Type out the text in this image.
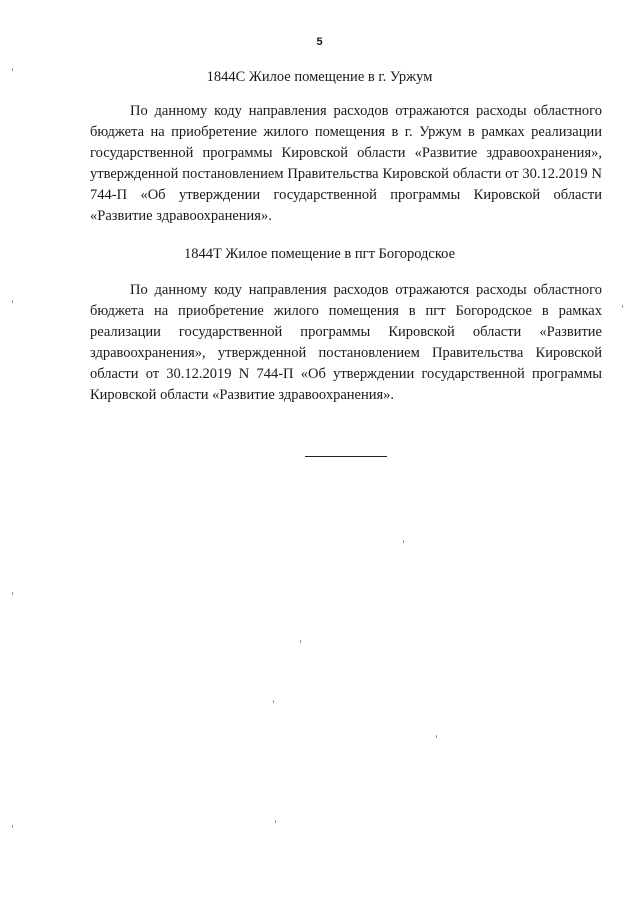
5
1844С Жилое помещение в г. Уржум

По данному коду направления расходов отражаются расходы областного бюджета на приобретение жилого помещения в г. Уржум в рамках реализации государственной программы Кировской области «Развитие здравоохранения», утвержденной постановлением Правительства Кировской области от 30.12.2019 N 744-П «Об утверждении государственной программы Кировской области «Развитие здравоохранения».

1844Т Жилое помещение в пгт Богородское

По данному коду направления расходов отражаются расходы областного бюджета на приобретение жилого помещения в пгт Богородское в рамках реализации государственной программы Кировской области «Развитие здравоохранения», утвержденной постановлением Правительства Кировской области от 30.12.2019 N 744-П «Об утверждении государственной программы Кировской области «Развитие здравоохранения».
